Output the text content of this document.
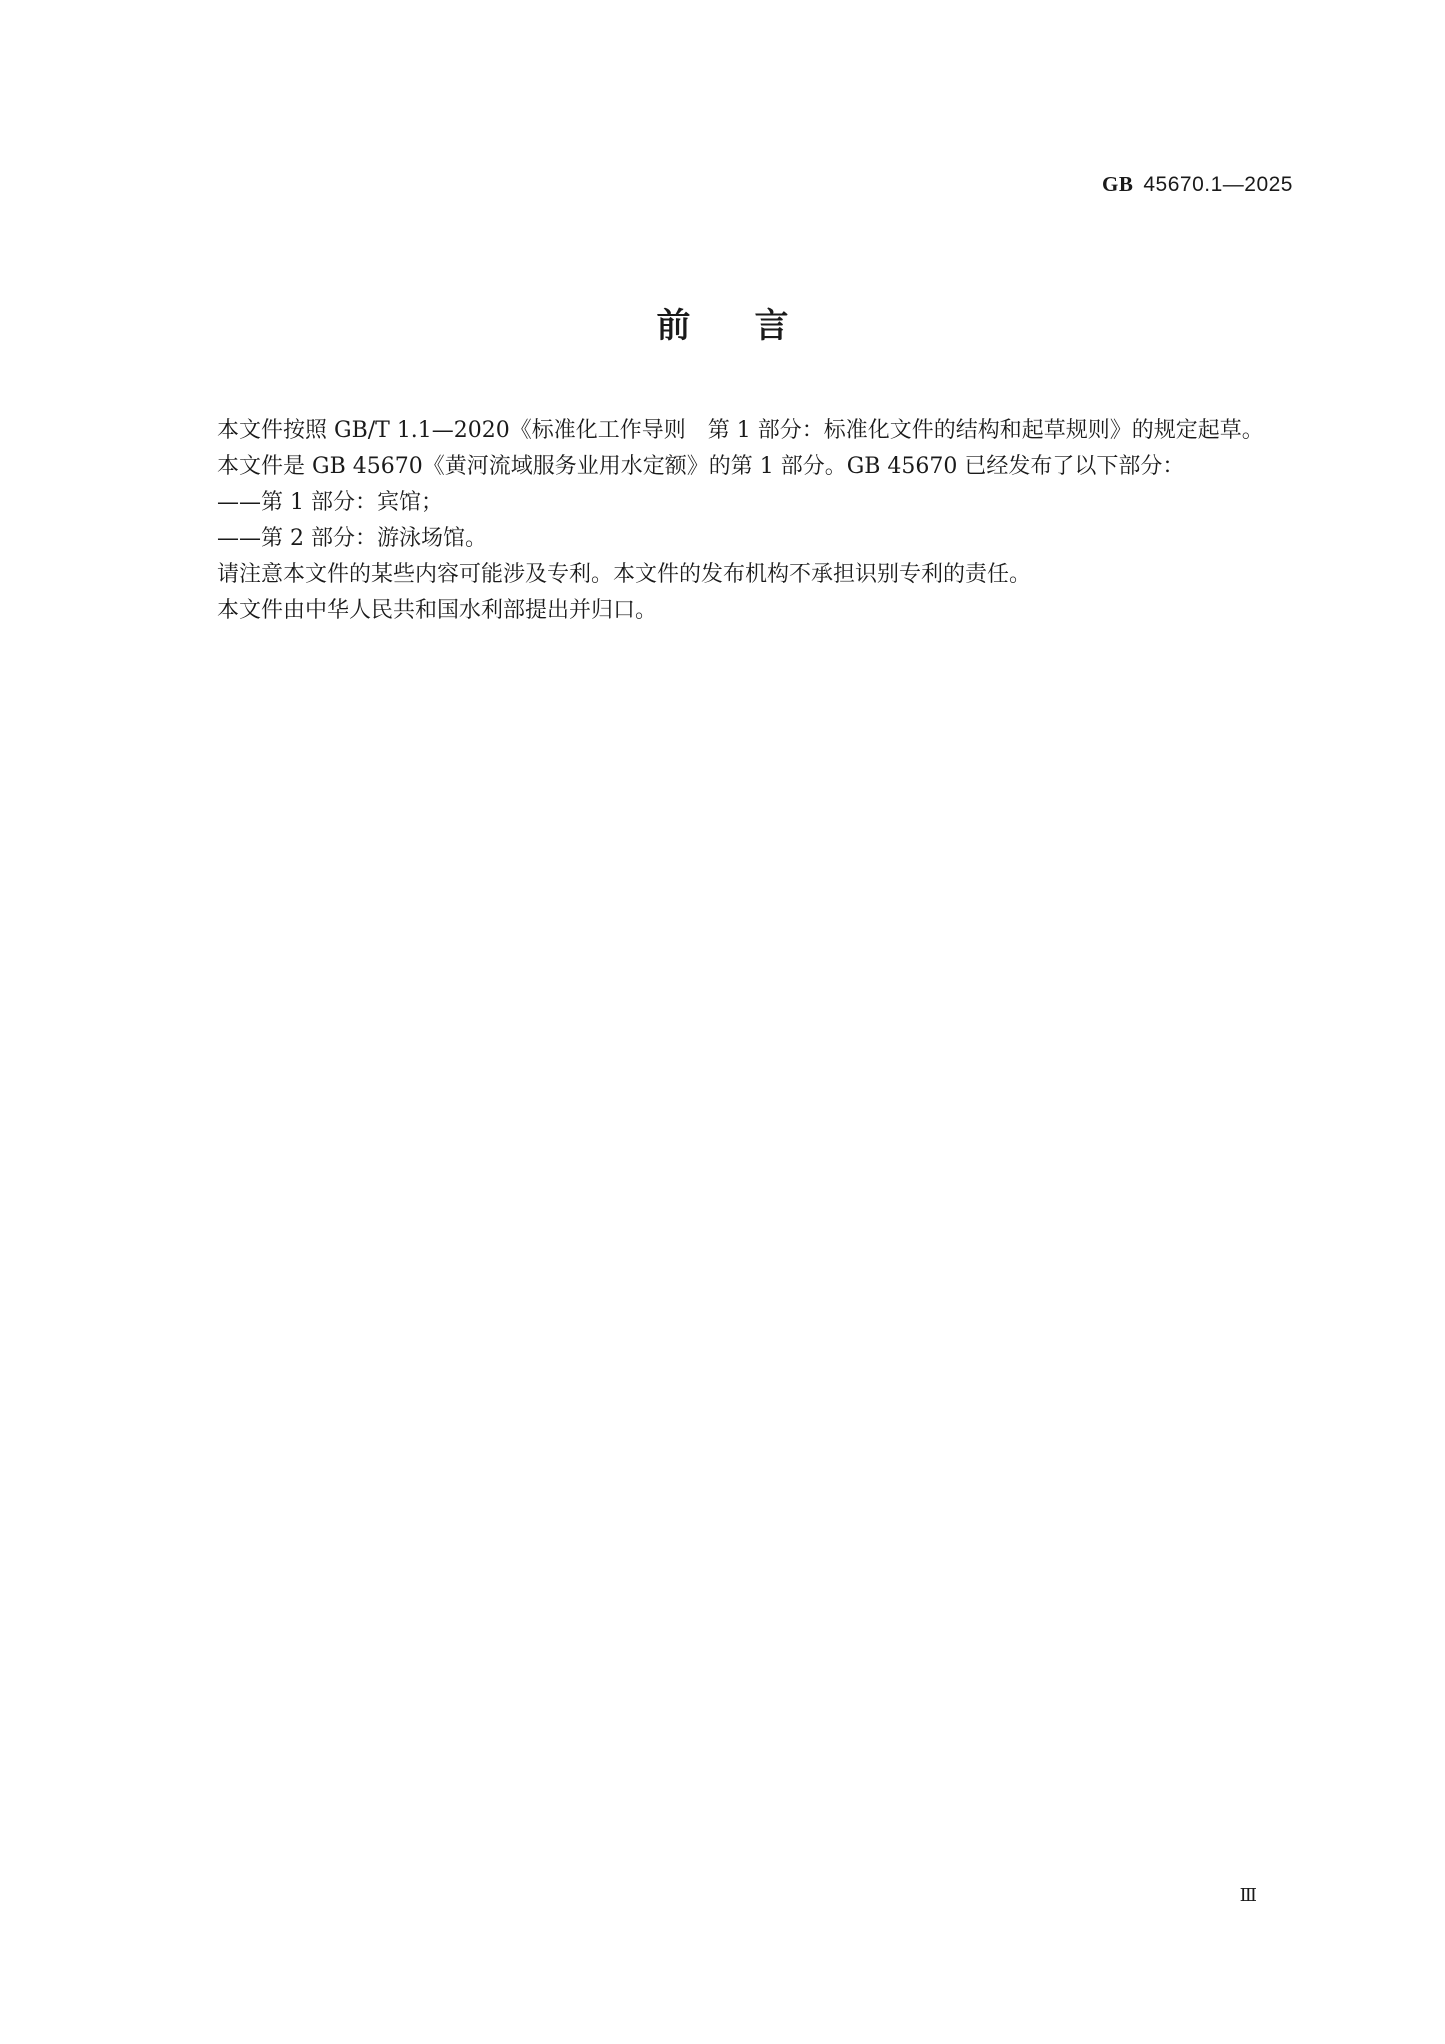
GB 45670.1—2025
前言

本文件按照 GB/T 1.1—2020《标准化工作导则　第 1 部分：标准化文件的结构和起草规则》的规定起草。

本文件是 GB 45670《黄河流域服务业用水定额》的第 1 部分。GB 45670 已经发布了以下部分：

——第 1 部分：宾馆；

——第 2 部分：游泳场馆。

请注意本文件的某些内容可能涉及专利。本文件的发布机构不承担识别专利的责任。

本文件由中华人民共和国水利部提出并归口。

Ⅲ
